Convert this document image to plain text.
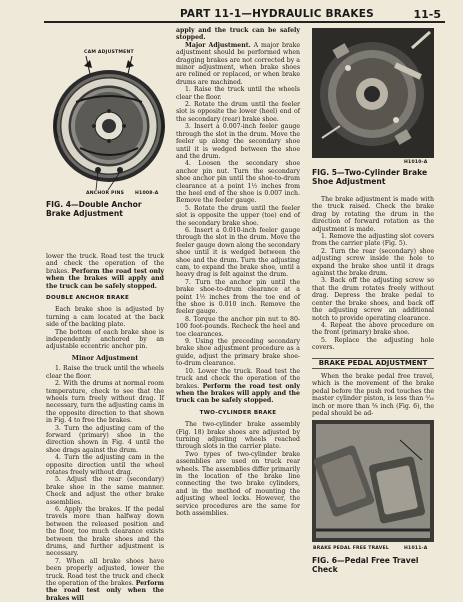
PART 11-1—HYDRAULIC BRAKES	11-5
CAM ADJUSTMENT
ANCHOR PINS H1008-A
FIG. 4—Double Anchor Brake Adjustment

lower the truck. Road test the truck and check the operation of the brakes. Perform the road test only when the brakes will apply and the truck can be safely stopped.

DOUBLE ANCHOR BRAKE

Each brake shoe is adjusted by turning a cam located at the back side of the backing plate.

The bottom of each brake shoe is independently anchored by an adjustable eccentric anchor pin.

Minor Adjustment

1. Raise the truck until the wheels clear the floor.

2. With the drums at normal room temperature, check to see that the wheels turn freely without drag. If necessary, turn the adjusting cams in the opposite direction to that shown in Fig. 4 to free the brakes.

3. Turn the adjusting cam of the forward (primary) shoe in the direction shown in Fig. 4 until the shoe drags against the drum.

4. Turn the adjusting cam in the opposite direction until the wheel rotates freely without drag.

5. Adjust the rear (secondary) brake shoe in the same manner. Check and adjust the other brake assemblies.

6. Apply the brakes. If the pedal travels more than halfway down between the released position and the floor, too much clearance exists between the brake shoes and the drums, and further adjustment is necessary.

7. When all brake shoes have been properly adjusted, lower the truck. Road test the truck and check the operation of the brakes. Perform the road test only when the brakes will

apply and the truck can be safely stopped.

Major Adjustment. A major brake adjustment should be performed when dragging brakes are not corrected by a minor adjustment, when brake shoes are relined or replaced, or when brake drums are machined.

1. Raise the truck until the wheels clear the floor.

2. Rotate the drum until the feeler slot is opposite the lower (heel) end of the secondary (rear) brake shoe.

3. Insert a 0.007-inch feeler gauge through the slot in the drum. Move the feeler up along the secondary shoe until it is wedged between the shoe and the drum.

4. Loosen the secondary shoe anchor pin nut. Turn the secondary shoe anchor pin until the shoe-to-drum clearance at a point 1½ inches from the heel end of the shoe is 0.007 inch. Remove the feeler gauge.

5. Rotate the drum until the feeler slot is opposite the upper (toe) end of the secondary brake shoe.

6. Insert a 0.010-inch feeler gauge through the slot in the drum. Move the feeler gauge down along the secondary shoe until it is wedged between the shoe and the drum. Turn the adjusting cam, to expand the brake shoe, until a heavy drag is felt against the drum.

7. Turn the anchor pin until the brake shoe-to-drum clearance at a point 1½ inches from the toe end of the shoe is 0.010 inch. Remove the feeler gauge.

8. Torque the anchor pin nut to 80-100 foot-pounds. Recheck the heel and toe clearances.

9. Using the preceding secondary brake shoe adjustment procedure as a guide, adjust the primary brake shoe-to-drum clearance.

10. Lower the truck. Road test the truck and check the operation of the brakes. Perform the road test only when the brakes will apply and the truck can be safely stopped.

TWO-CYLINDER BRAKE

The two-cylinder brake assembly (Fig. 18) brake shoes are adjusted by turning adjusting wheels reached through slots in the carrier plate.

Two types of two-cylinder brake assemblies are used on truck rear wheels. The assemblies differ primarily in the location of the brake line connecting the two brake cylinders, and in the method of mounting the adjusting wheel locks. However, the service procedures are the same for both assemblies.

H1010-A
FIG. 5—Two-Cylinder Brake Shoe Adjustment

The brake adjustment is made with the truck raised. Check the brake drag by rotating the drum in the direction of forward rotation as the adjustment is made.

1. Remove the adjusting slot covers from the carrier plate (Fig. 5).

2. Turn the rear (secondary) shoe adjusting screw inside the hole to expand the brake shoe until it drags against the brake drum.

3. Back off the adjusting screw so that the drum rotates freely without drag. Depress the brake pedal to center the brake shoes, and back off the adjusting screw an additional notch to provide operating clearance.

4. Repeat the above procedure on the front (primary) brake shoe.

5. Replace the adjusting hole covers.

BRAKE PEDAL ADJUSTMENT

When the brake pedal free travel, which is the movement of the brake pedal before the push rod touches the master cylinder piston, is less than ⁵⁄₁₆ inch or more than ⅝ inch (Fig. 6), the pedal should be ad-

BRAKE PEDAL FREE TRAVEL	H1011-A
FIG. 6—Pedal Free Travel Check
